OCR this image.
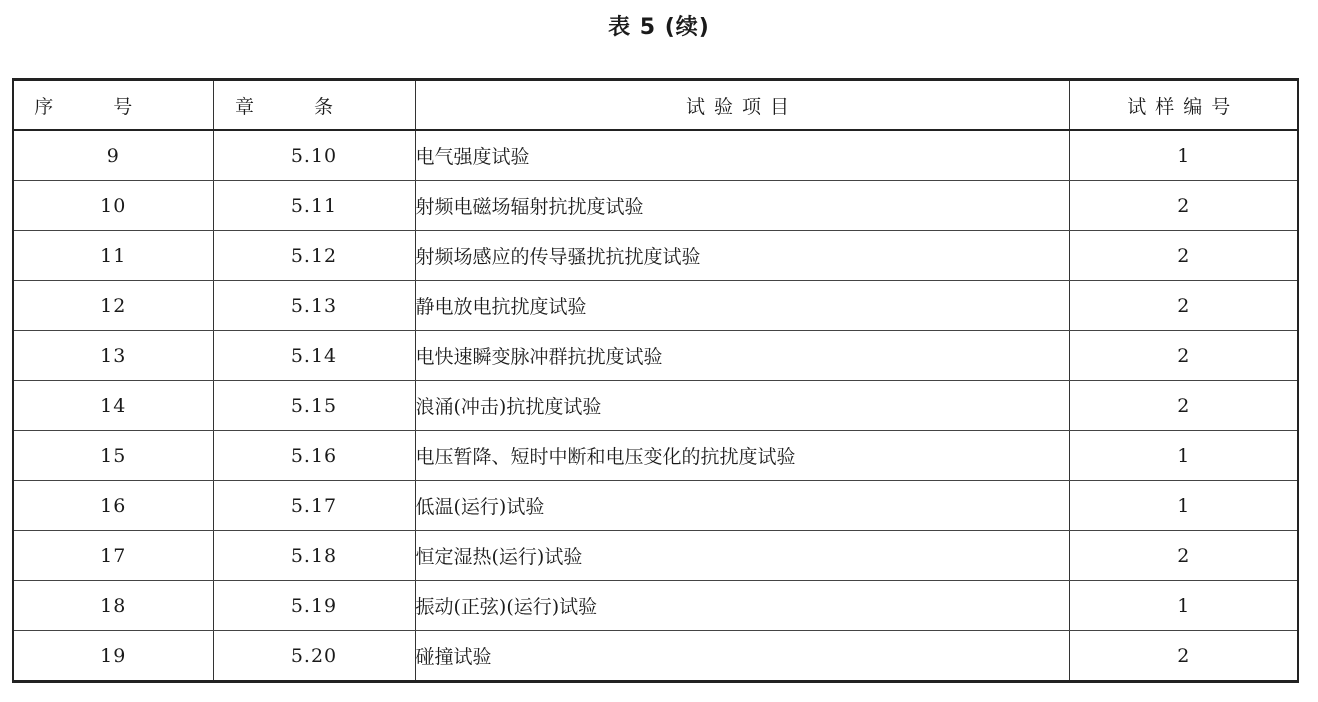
表 5 (续)
序号	章条	试验项目	试样编号
9	5.10	电气强度试验	1
10	5.11	射频电磁场辐射抗扰度试验	2
11	5.12	射频场感应的传导骚扰抗扰度试验	2
12	5.13	静电放电抗扰度试验	2
13	5.14	电快速瞬变脉冲群抗扰度试验	2
14	5.15	浪涌(冲击)抗扰度试验	2
15	5.16	电压暂降、短时中断和电压变化的抗扰度试验	1
16	5.17	低温(运行)试验	1
17	5.18	恒定湿热(运行)试验	2
18	5.19	振动(正弦)(运行)试验	1
19	5.20	碰撞试验	2
